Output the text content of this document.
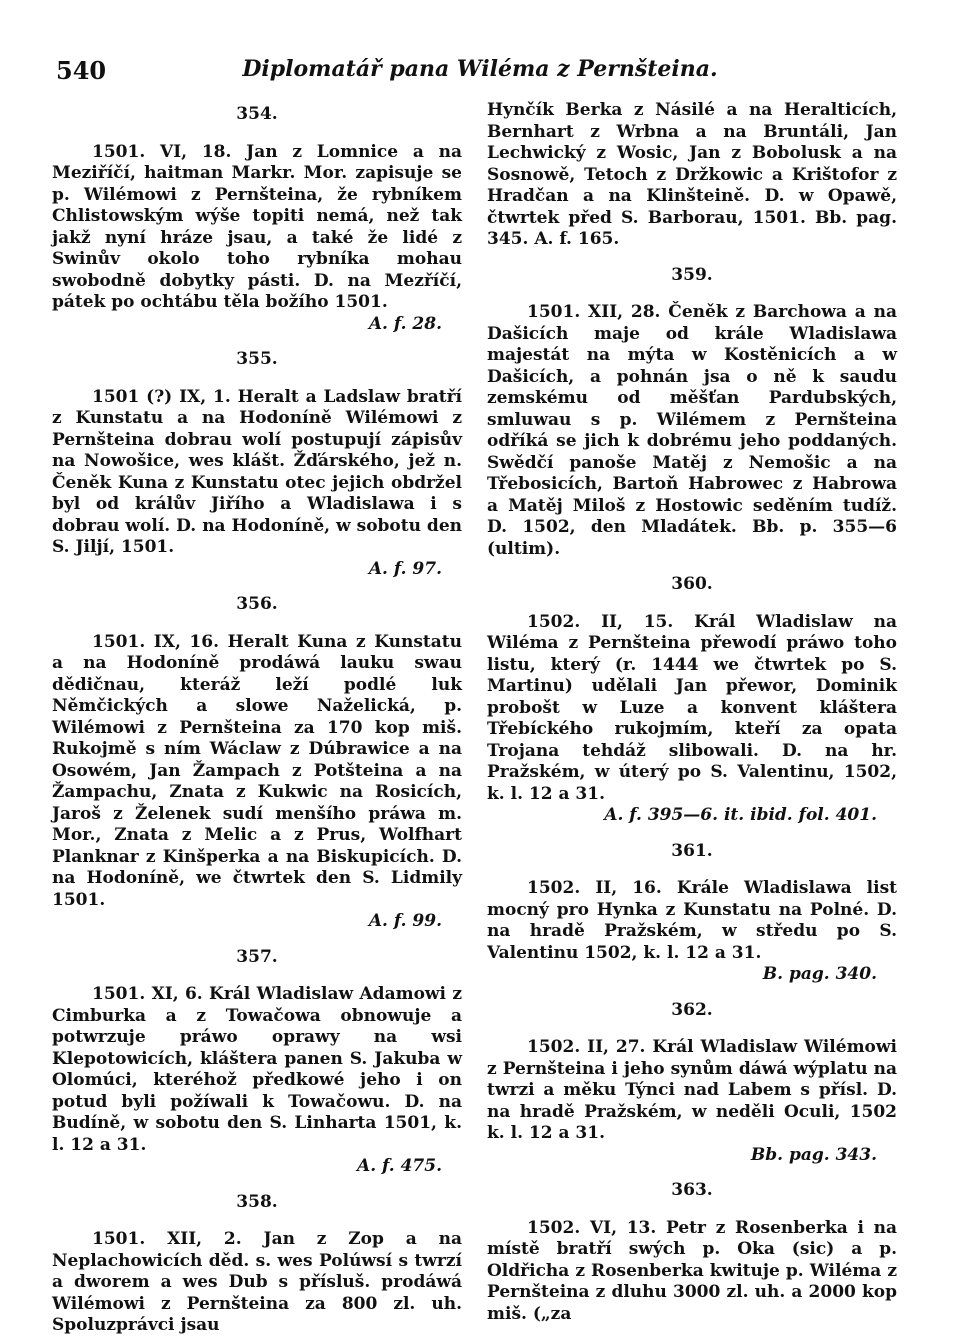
540	Diplomatář pana Wiléma z Pernšteina.
354.

1501. VI, 18. Jan z Lomnice a na Meziříčí, haitman Markr. Mor. zapisuje se p. Wilémowi z Pernšteina, že rybníkem Chlistowským wýše topiti nemá, než tak jakž nyní hráze jsau, a také že lidé z Swinův okolo toho rybníka mohau swobodně dobytky pásti. D. na Mezříčí, pátek po ochtábu těla božího 1501.

A. f. 28.

355.

1501 (?) IX, 1. Heralt a Ladslaw bratří z Kunstatu a na Hodoníně Wilémowi z Pernšteina dobrau wolí postupují zápisův na Nowošice, wes klášt. Žďárského, jež n. Čeněk Kuna z Kunstatu otec jejich obdržel byl od králův Jiřího a Wladislawa i s dobrau wolí. D. na Hodoníně, w sobotu den S. Jiljí, 1501.

A. f. 97.

356.

1501. IX, 16. Heralt Kuna z Kunstatu a na Hodoníně prodáwá lauku swau dědičnau, kteráž leží podlé luk Němčických a slowe Naželická, p. Wilémowi z Pernšteina za 170 kop miš. Rukojmě s ním Wáclaw z Dúbrawice a na Osowém, Jan Žampach z Potšteina a na Žampachu, Znata z Kukwic na Rosicích, Jaroš z Želenek sudí menšího práwa m. Mor., Znata z Melic a z Prus, Wolfhart Planknar z Kinšperka a na Biskupicích. D. na Hodoníně, we čtwrtek den S. Lidmily 1501.

A. f. 99.

357.

1501. XI, 6. Král Wladislaw Adamowi z Cimburka a z Towačowa obnowuje a potwrzuje práwo oprawy na wsi Klepotowicích, kláštera panen S. Jakuba w Olomúci, kteréhož předkowé jeho i on potud byli požíwali k Towačowu. D. na Budíně, w sobotu den S. Linharta 1501, k. l. 12 a 31.

A. f. 475.

358.

1501. XII, 2. Jan z Zop a na Neplachowicích děd. s. wes Polúwsí s twrzí a dworem a wes Dub s přísluš. prodáwá Wilémowi z Pernšteina za 800 zl. uh. Spoluzprávci jsau

Hynčík Berka z Násilé a na Heralticích, Bernhart z Wrbna a na Bruntáli, Jan Lechwický z Wosic, Jan z Bobolusk a na Sosnowě, Tetoch z Držkowic a Krištofor z Hradčan a na Klinšteině. D. w Opawě, čtwrtek před S. Barborau, 1501. Bb. pag. 345. A. f. 165.

359.

1501. XII, 28. Čeněk z Barchowa a na Dašicích maje od krále Wladislawa majestát na mýta w Kostěnicích a w Dašicích, a pohnán jsa o ně k saudu zemskému od měšťan Pardubských, smluwau s p. Wilémem z Pernšteina odříká se jich k dobrému jeho poddaných. Swědčí panoše Matěj z Nemošic a na Třebosicích, Bartoň Habrowec z Habrowa a Matěj Miloš z Hostowic seděním tudíž. D. 1502, den Mladátek. Bb. p. 355—6 (ultim).

360.

1502. II, 15. Král Wladislaw na Wiléma z Pernšteina přewodí práwo toho listu, který (r. 1444 we čtwrtek po S. Martinu) udělali Jan přewor, Dominik probošt w Luze a konvent kláštera Třebíckého rukojmím, kteří za opata Trojana tehdáž slibowali. D. na hr. Pražském, w úterý po S. Valentinu, 1502, k. l. 12 a 31.

A. f. 395—6. it. ibid. fol. 401.

361.

1502. II, 16. Krále Wladislawa list mocný pro Hynka z Kunstatu na Polné. D. na hradě Pražském, w středu po S. Valentinu 1502, k. l. 12 a 31.

B. pag. 340.

362.

1502. II, 27. Král Wladislaw Wilémowi z Pernšteina i jeho synům dáwá wýplatu na twrzi a měku Týnci nad Labem s přísl. D. na hradě Pražském, w neděli Oculi, 1502 k. l. 12 a 31.

Bb. pag. 343.

363.

1502. VI, 13. Petr z Rosenberka i na místě bratří swých p. Oka (sic) a p. Oldřicha z Rosenberka kwituje p. Wiléma z Pernšteina z dluhu 3000 zl. uh. a 2000 kop miš. („za
